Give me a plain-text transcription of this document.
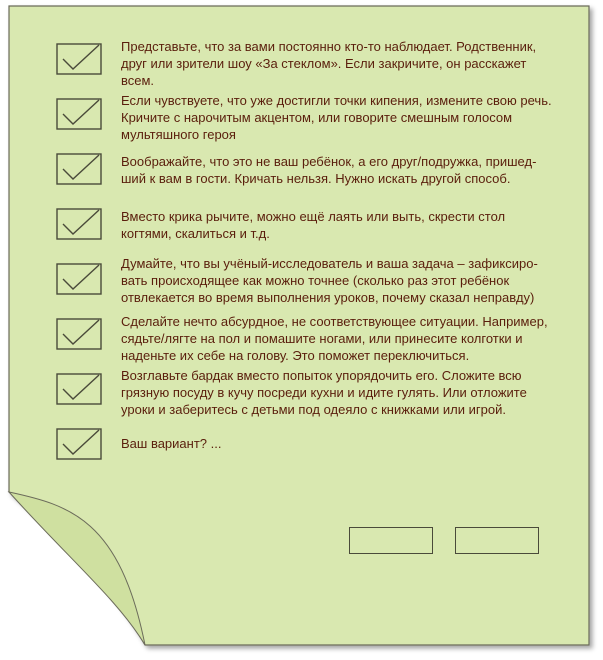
Представьте, что за вами постоянно кто-то наблюдает. Родственник,
друг или зрители шоу «За стеклом». Если закричите, он расскажет
всем.
Если чувствуете, что уже достигли точки кипения, измените свою речь.
Кричите с нарочитым акцентом, или говорите смешным голосом
мультяшного героя
Воображайте, что это не ваш ребёнок, а его друг/подружка, пришед-
ший к вам в гости. Кричать нельзя. Нужно искать другой способ.
Вместо крика рычите, можно ещё лаять или выть, скрести стол
когтями, скалиться и т.д.
Думайте, что вы учёный-исследователь и ваша задача – зафиксиро-
вать происходящее как можно точнее (сколько раз этот ребёнок
отвлекается во время выполнения уроков, почему сказал неправду)
Сделайте нечто абсурдное, не соответствующее ситуации. Например,
сядьте/лягте на пол и помашите ногами, или принесите колготки и
наденьте их себе на голову. Это поможет переключиться.
Возглавьте бардак вместо попыток упорядочить его. Сложите всю
грязную посуду в кучу посреди кухни и идите гулять. Или отложите
уроки и заберитесь с детьми под одеяло с книжками или игрой.
Ваш вариант? ...
